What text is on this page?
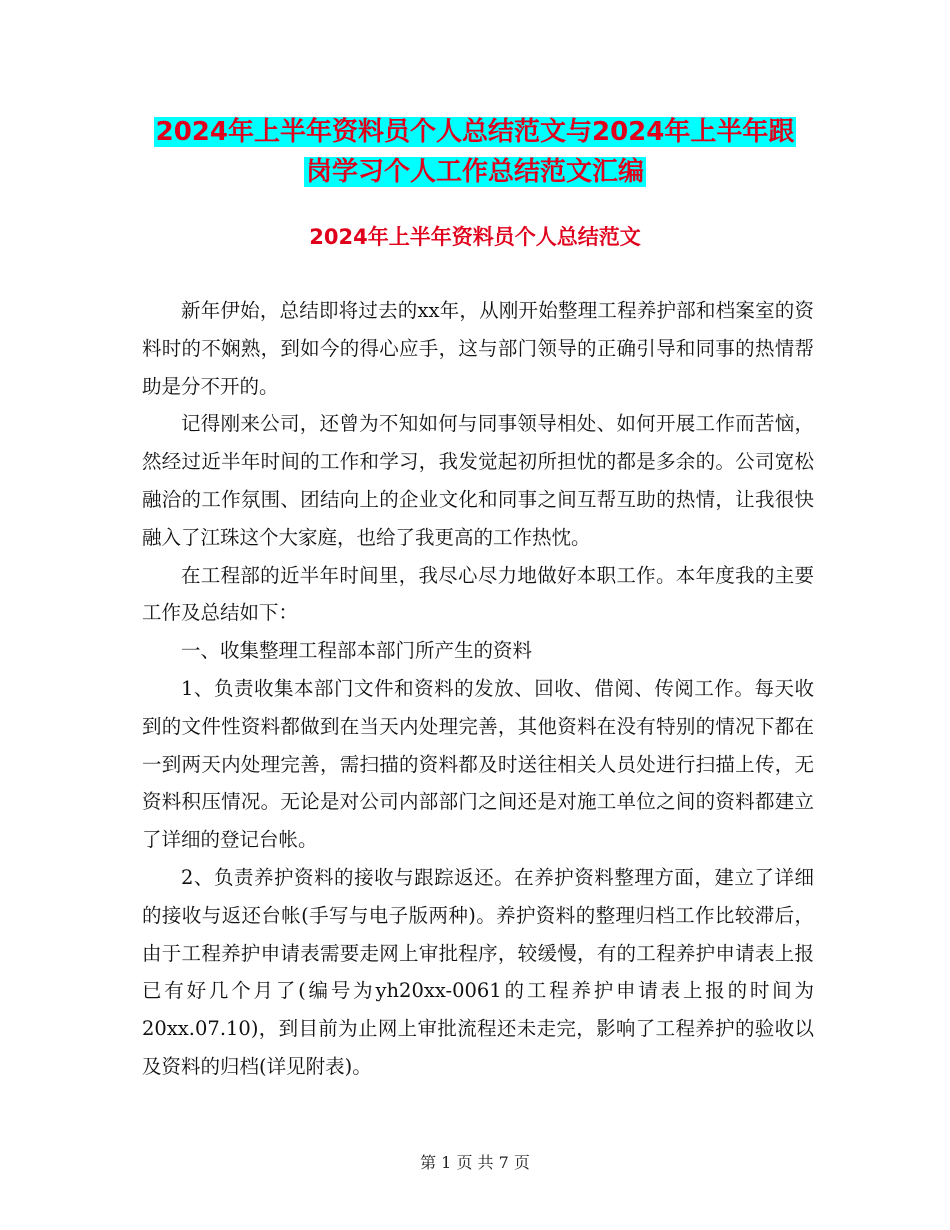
2024年上半年资料员个人总结范文与2024年上半年跟
岗学习个人工作总结范文汇编
2024年上半年资料员个人总结范文

新年伊始，总结即将过去的xx年，从刚开始整理工程养护部和档案室的资料时的不娴熟，到如今的得心应手，这与部门领导的正确引导和同事的热情帮助是分不开的。

记得刚来公司，还曾为不知如何与同事领导相处、如何开展工作而苦恼，然经过近半年时间的工作和学习，我发觉起初所担忧的都是多余的。公司宽松融洽的工作氛围、团结向上的企业文化和同事之间互帮互助的热情，让我很快融入了江珠这个大家庭，也给了我更高的工作热忱。

在工程部的近半年时间里，我尽心尽力地做好本职工作。本年度我的主要工作及总结如下：

一、收集整理工程部本部门所产生的资料

1、负责收集本部门文件和资料的发放、回收、借阅、传阅工作。每天收到的文件性资料都做到在当天内处理完善，其他资料在没有特别的情况下都在一到两天内处理完善，需扫描的资料都及时送往相关人员处进行扫描上传，无资料积压情况。无论是对公司内部部门之间还是对施工单位之间的资料都建立了详细的登记台帐。

2、负责养护资料的接收与跟踪返还。在养护资料整理方面，建立了详细的接收与返还台帐(手写与电子版两种)。养护资料的整理归档工作比较滞后，由于工程养护申请表需要走网上审批程序，较缓慢，有的工程养护申请表上报已有好几个月了(编号为yh20xx-0061的工程养护申请表上报的时间为20xx.07.10)，到目前为止网上审批流程还未走完，影响了工程养护的验收以及资料的归档(详见附表)。

第 1 页 共 7 页
